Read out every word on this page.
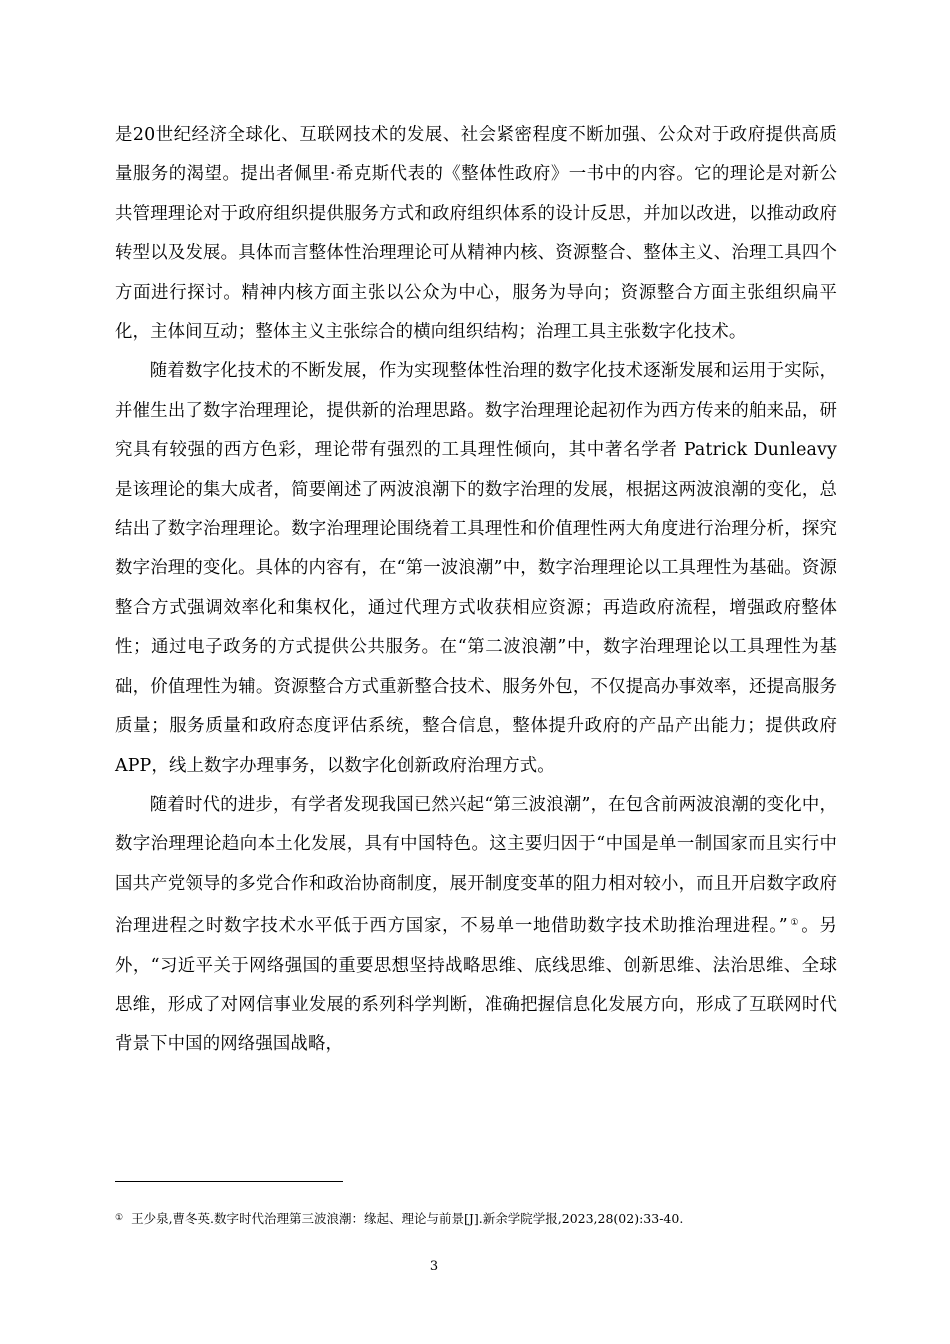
是20世纪经济全球化、互联网技术的发展、社会紧密程度不断加强、公众对于政府提供高质量服务的渴望。提出者佩里·希克斯代表的《整体性政府》一书中的内容。它的理论是对新公共管理理论对于政府组织提供服务方式和政府组织体系的设计反思，并加以改进，以推动政府转型以及发展。具体而言整体性治理理论可从精神内核、资源整合、整体主义、治理工具四个方面进行探讨。精神内核方面主张以公众为中心，服务为导向；资源整合方面主张组织扁平化，主体间互动；整体主义主张综合的横向组织结构；治理工具主张数字化技术。

随着数字化技术的不断发展，作为实现整体性治理的数字化技术逐渐发展和运用于实际，并催生出了数字治理理论，提供新的治理思路。数字治理理论起初作为西方传来的舶来品，研究具有较强的西方色彩，理论带有强烈的工具理性倾向，其中著名学者 Patrick Dunleavy 是该理论的集大成者，简要阐述了两波浪潮下的数字治理的发展，根据这两波浪潮的变化，总结出了数字治理理论。数字治理理论围绕着工具理性和价值理性两大角度进行治理分析，探究数字治理的变化。具体的内容有，在“第一波浪潮”中，数字治理理论以工具理性为基础。资源整合方式强调效率化和集权化，通过代理方式收获相应资源；再造政府流程，增强政府整体性；通过电子政务的方式提供公共服务。在“第二波浪潮”中，数字治理理论以工具理性为基础，价值理性为辅。资源整合方式重新整合技术、服务外包，不仅提高办事效率，还提高服务质量；服务质量和政府态度评估系统，整合信息，整体提升政府的产品产出能力；提供政府APP，线上数字办理事务，以数字化创新政府治理方式。

随着时代的进步，有学者发现我国已然兴起“第三波浪潮”，在包含前两波浪潮的变化中，数字治理理论趋向本土化发展，具有中国特色。这主要归因于“中国是单一制国家而且实行中国共产党领导的多党合作和政治协商制度，展开制度变革的阻力相对较小，而且开启数字政府治理进程之时数字技术水平低于西方国家，不易单一地借助数字技术助推治理进程。” ① 。另外，“习近平关于网络强国的重要思想坚持战略思维、底线思维、创新思维、法治思维、全球思维，形成了对网信事业发展的系列科学判断，准确把握信息化发展方向，形成了互联网时代背景下中国的网络强国战略，

① 王少泉,曹冬英.数字时代治理第三波浪潮：缘起、理论与前景[J].新余学院学报,2023,28(02):33-40.
3
